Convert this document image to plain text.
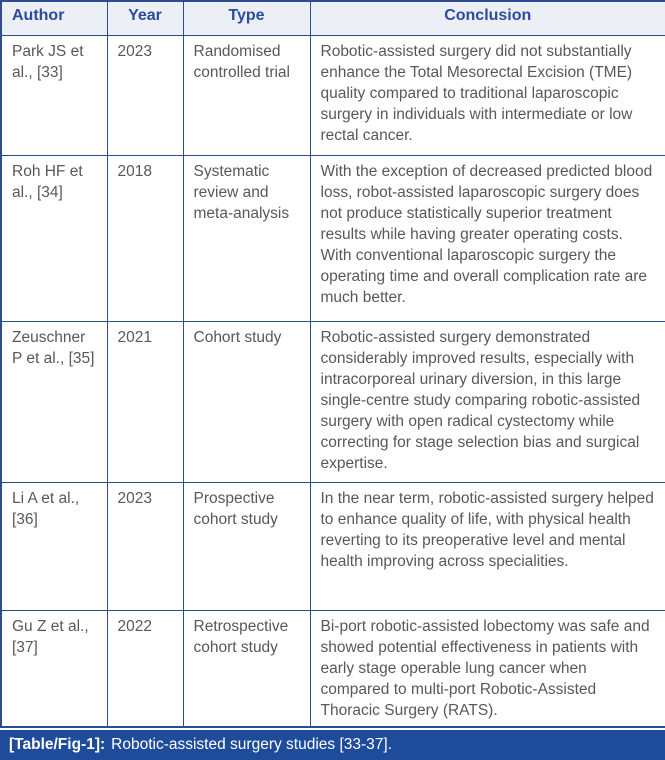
Author	Year	Type	Conclusion
Park JS et al., [33]	2023	Randomised controlled trial	Robotic-assisted surgery did not substantially enhance the Total Mesorectal Excision (TME) quality compared to traditional laparoscopic surgery in individuals with intermediate or low rectal cancer.
Roh HF et al., [34]	2018	Systematic review and meta-analysis	With the exception of decreased predicted blood loss, robot-assisted laparoscopic surgery does not produce statistically superior treatment results while having greater operating costs. With conventional laparoscopic surgery the operating time and overall complication rate are much better.
Zeuschner P et al., [35]	2021	Cohort study	Robotic-assisted surgery demonstrated considerably improved results, especially with intracorporeal urinary diversion, in this large single-centre study comparing robotic-assisted surgery with open radical cystectomy while correcting for stage selection bias and surgical expertise.
Li A et al., [36]	2023	Prospective cohort study	In the near term, robotic-assisted surgery helped to enhance quality of life, with physical health reverting to its preoperative level and mental health improving across specialities.
Gu Z et al., [37]	2022	Retrospective cohort study	Bi-port robotic-assisted lobectomy was safe and showed potential effectiveness in patients with early stage operable lung cancer when compared to multi-port Robotic-Assisted Thoracic Surgery (RATS).
[Table/Fig-1]: Robotic-assisted surgery studies [33-37].
